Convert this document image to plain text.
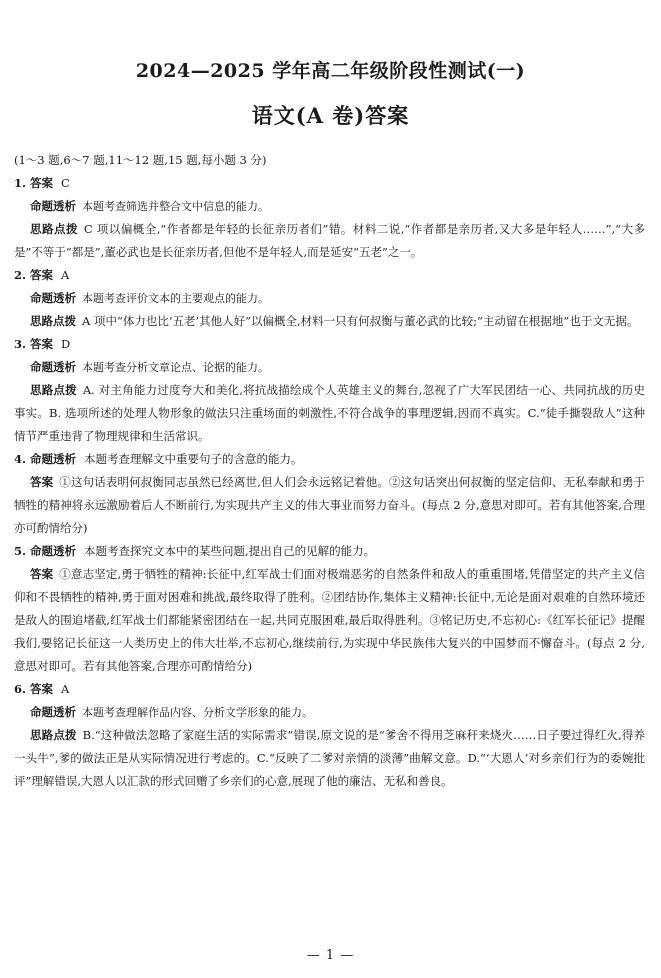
2024—2025 学年高二年级阶段性测试(一)
语文(A 卷)答案
(1～3 题,6～7 题,11～12 题,15 题,每小题 3 分)
1. 答案 C
命题透析 本题考查筛选并整合文中信息的能力。
思路点拨 C 项以偏概全,“作者都是年轻的长征亲历者们”错。材料二说,“作者都是亲历者,又大多是年轻人……”,“大多是”不等于“都是”,董必武也是长征亲历者,但他不是年轻人,而是延安“五老”之一。
2. 答案 A
命题透析 本题考查评价文本的主要观点的能力。
思路点拨 A 项中“体力也比‘五老’其他人好”以偏概全,材料一只有何叔衡与董必武的比较;“主动留在根据地”也于文无据。
3. 答案 D
命题透析 本题考查分析文章论点、论据的能力。
思路点拨 A. 对主角能力过度夸大和美化,将抗战描绘成个人英雄主义的舞台,忽视了广大军民团结一心、共同抗战的历史事实。B. 选项所述的处理人物形象的做法只注重场面的刺激性,不符合战争的事理逻辑,因而不真实。C.“徒手撕裂敌人”这种情节严重违背了物理规律和生活常识。
4. 命题透析 本题考查理解文中重要句子的含意的能力。
答案 ①这句话表明何叔衡同志虽然已经离世,但人们会永远铭记着他。②这句话突出何叔衡的坚定信仰、无私奉献和勇于牺牲的精神将永远激励着后人不断前行,为实现共产主义的伟大事业而努力奋斗。(每点 2 分,意思对即可。若有其他答案,合理亦可酌情给分)
5. 命题透析 本题考查探究文本中的某些问题,提出自己的见解的能力。
答案 ①意志坚定,勇于牺牲的精神:长征中,红军战士们面对极端恶劣的自然条件和敌人的重重围堵,凭借坚定的共产主义信仰和不畏牺牲的精神,勇于面对困难和挑战,最终取得了胜利。②团结协作,集体主义精神:长征中,无论是面对艰难的自然环境还是敌人的围追堵截,红军战士们都能紧密团结在一起,共同克服困难,最后取得胜利。③铭记历史,不忘初心:《红军长征记》提醒我们,要铭记长征这一人类历史上的伟大壮举,不忘初心,继续前行,为实现中华民族伟大复兴的中国梦而不懈奋斗。(每点 2 分,意思对即可。若有其他答案,合理亦可酌情给分)
6. 答案 A
命题透析 本题考查理解作品内容、分析文学形象的能力。
思路点拨 B.“这种做法忽略了家庭生活的实际需求”错误,原文说的是“爹舍不得用芝麻秆来烧火……日子要过得红火,得养一头牛”,爹的做法正是从实际情况进行考虑的。C.“反映了二爹对亲情的淡薄”曲解文意。D.“‘大恩人’对乡亲们行为的委婉批评”理解错误,大恩人以汇款的形式回赠了乡亲们的心意,展现了他的廉洁、无私和善良。
— 1 —
